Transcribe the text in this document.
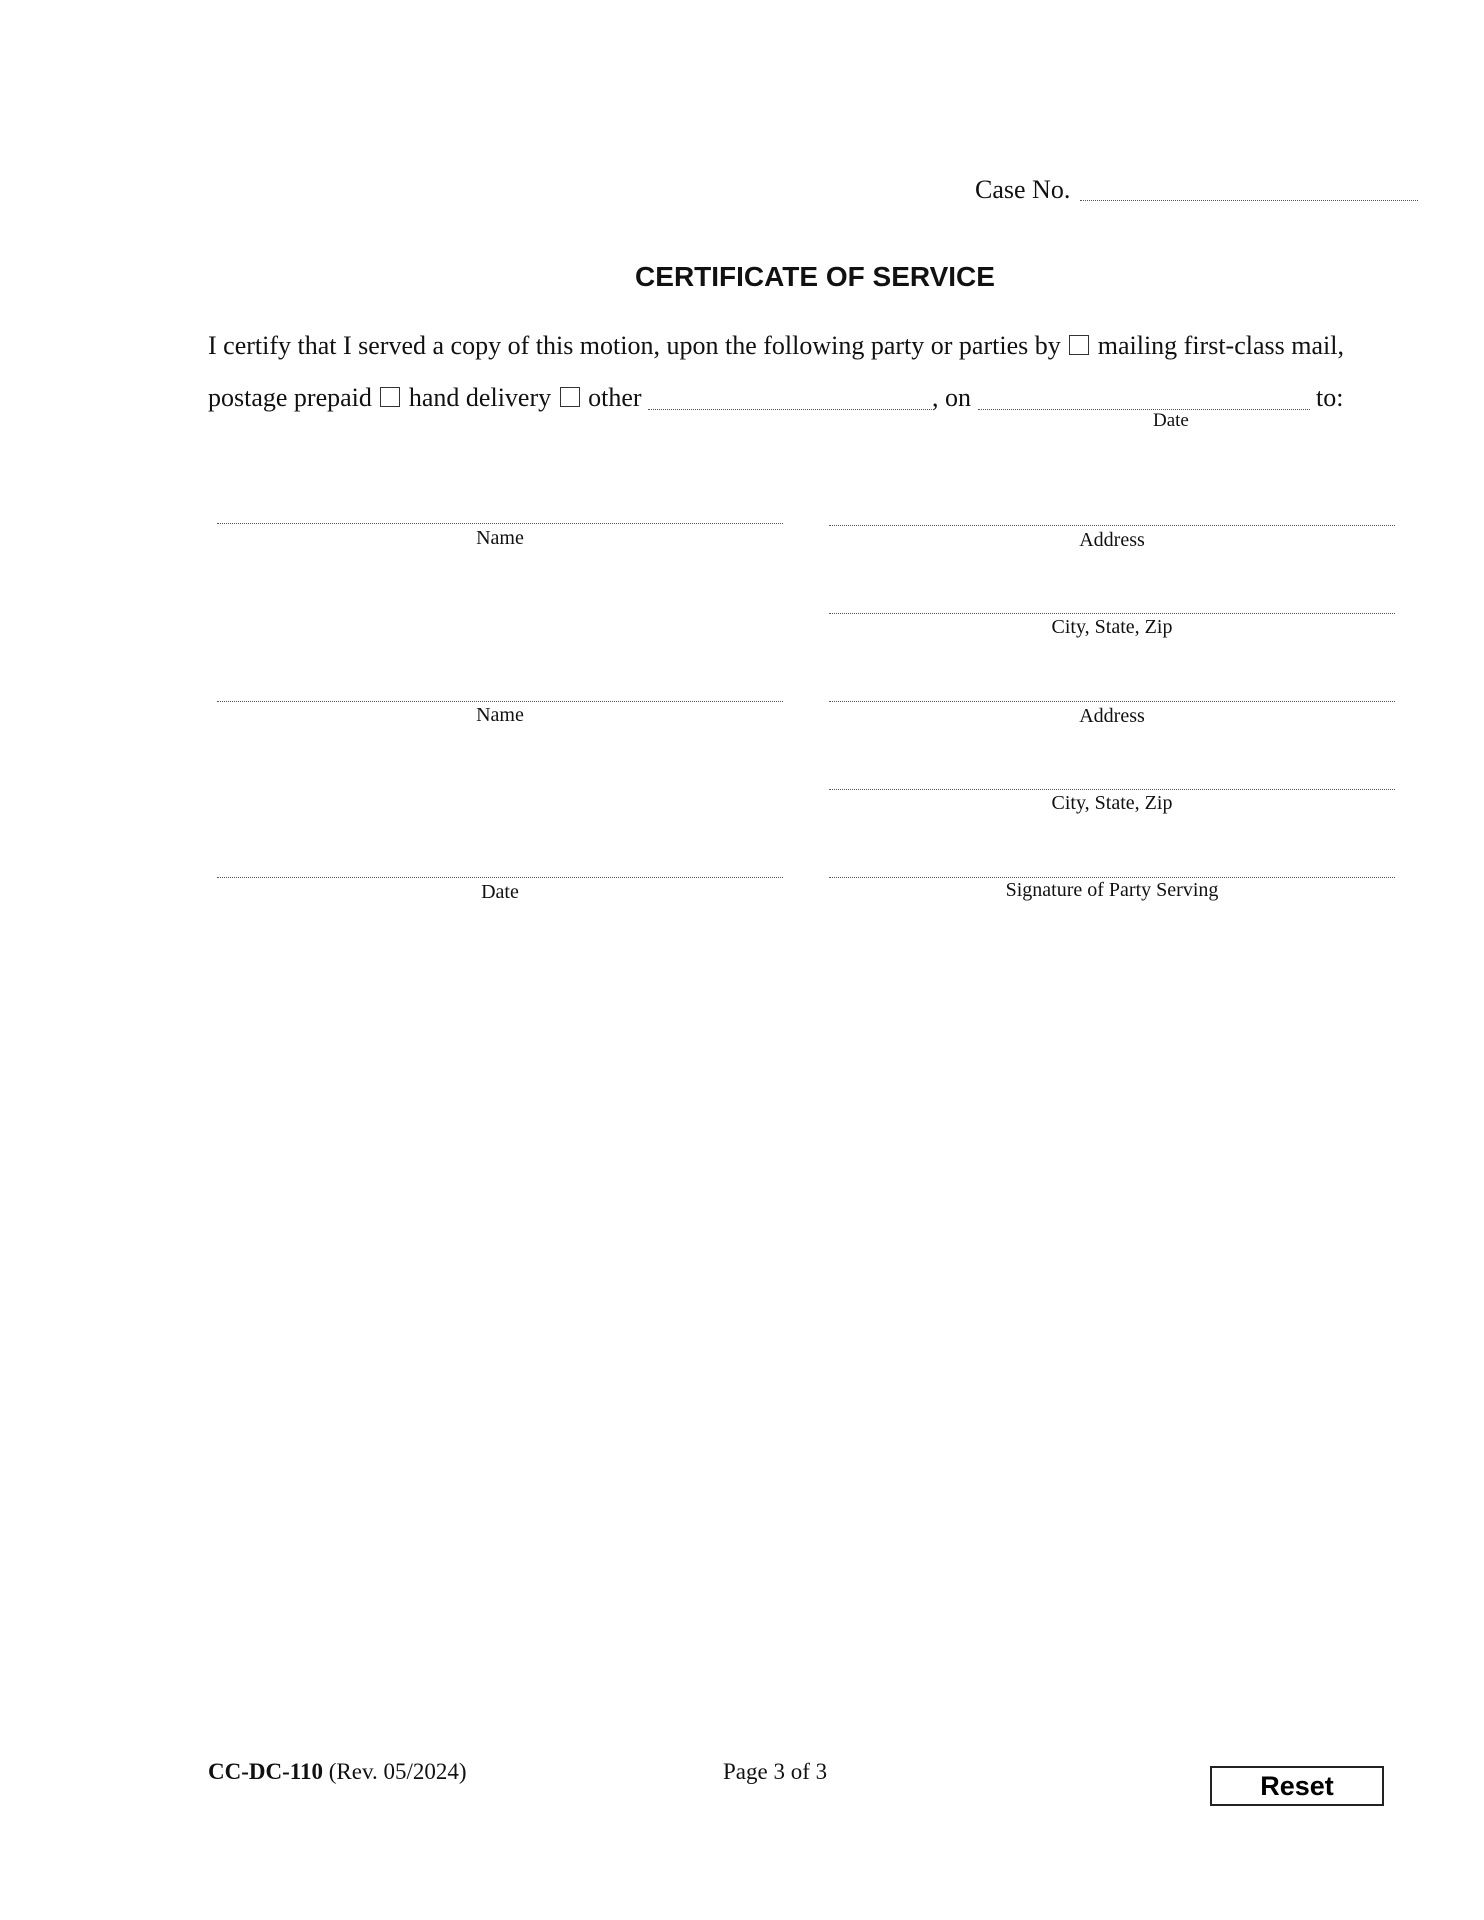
Case No.
CERTIFICATE OF SERVICE
I certify that I served a copy of this motion, upon the following party or parties by mailing first-class mail,
postage prepaid hand delivery other	, on	to:
Date
Name	Address
City, State, Zip
Name	Address
City, State, Zip
Date	Signature of Party Serving
CC-DC-110 (Rev. 05/2024)	Page 3 of 3	Reset
